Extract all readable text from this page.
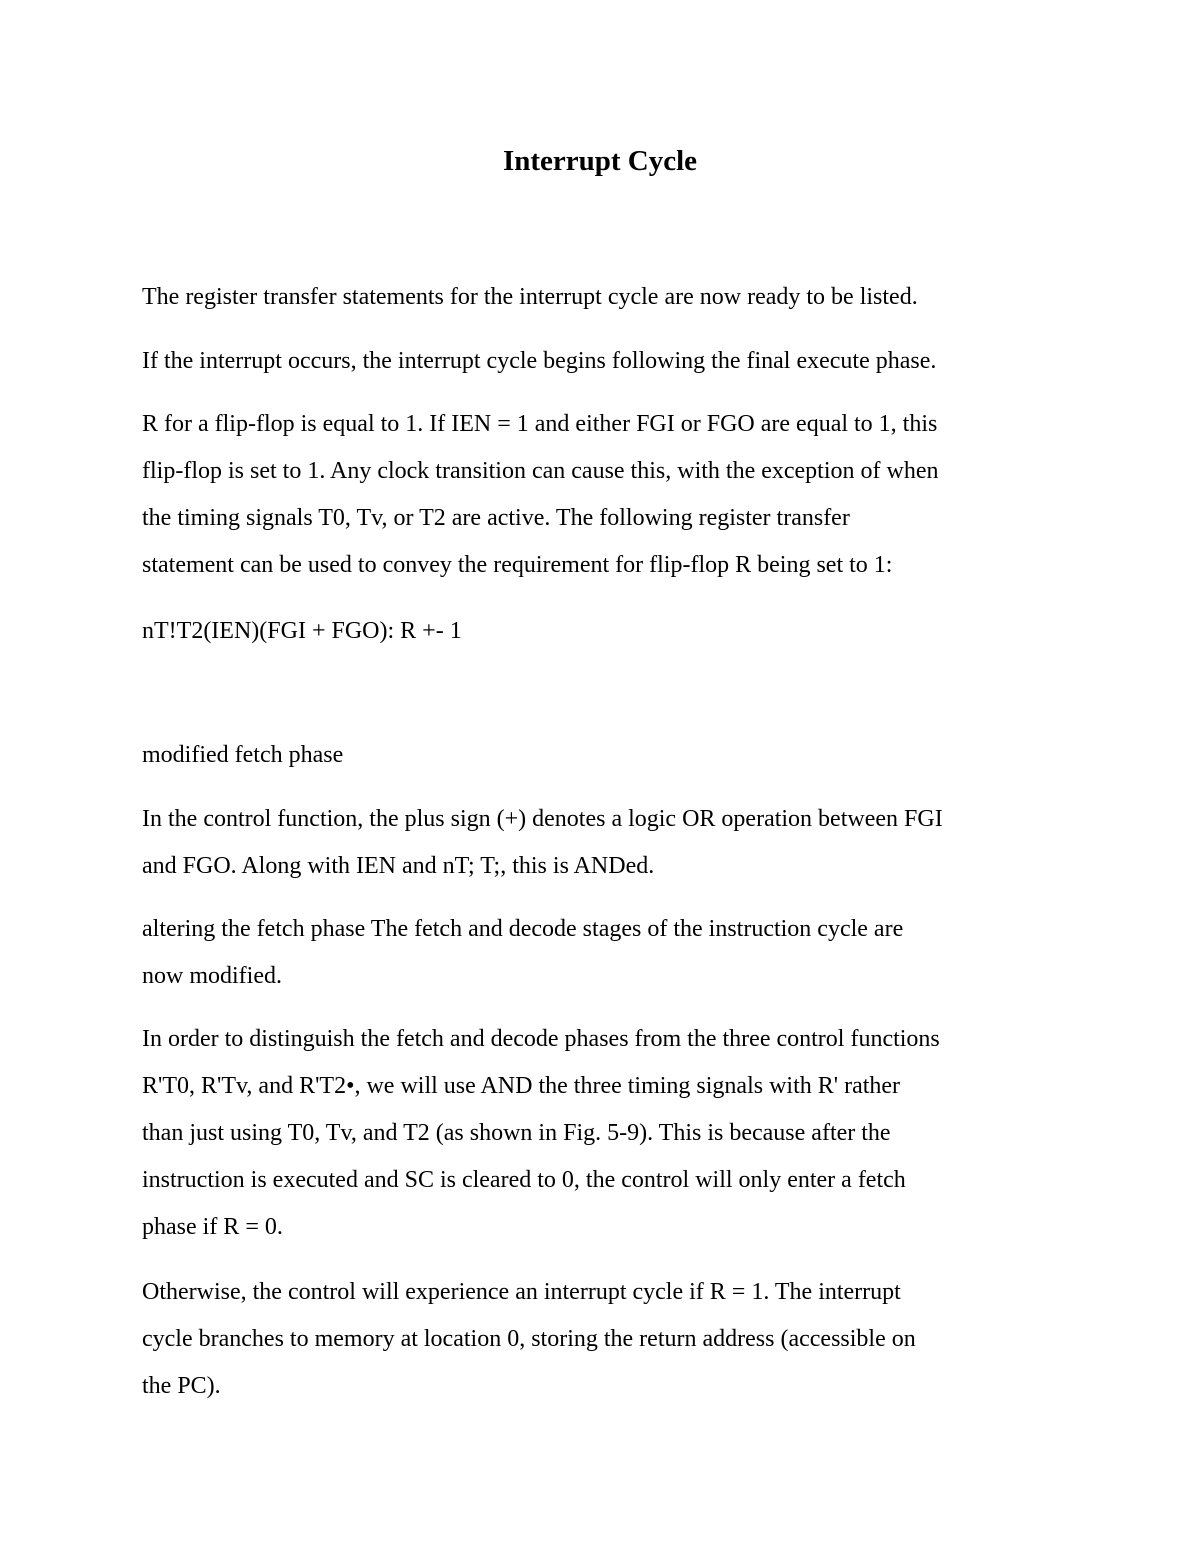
Interrupt Cycle

The register transfer statements for the interrupt cycle are now ready to be listed.

If the interrupt occurs, the interrupt cycle begins following the final execute phase.

R for a flip-flop is equal to 1. If IEN = 1 and either FGI or FGO are equal to 1, this
flip-flop is set to 1. Any clock transition can cause this, with the exception of when
the timing signals T0, Tv, or T2 are active. The following register transfer
statement can be used to convey the requirement for flip-flop R being set to 1:

nT!T2(IEN)(FGI + FGO): R +- 1

modified fetch phase

In the control function, the plus sign (+) denotes a logic OR operation between FGI
and FGO. Along with IEN and nT; T;, this is ANDed.

altering the fetch phase The fetch and decode stages of the instruction cycle are
now modified.

In order to distinguish the fetch and decode phases from the three control functions
R'T0, R'Tv, and R'T2•, we will use AND the three timing signals with R' rather
than just using T0, Tv, and T2 (as shown in Fig. 5-9). This is because after the
instruction is executed and SC is cleared to 0, the control will only enter a fetch
phase if R = 0.

Otherwise, the control will experience an interrupt cycle if R = 1. The interrupt
cycle branches to memory at location 0, storing the return address (accessible on
the PC).
